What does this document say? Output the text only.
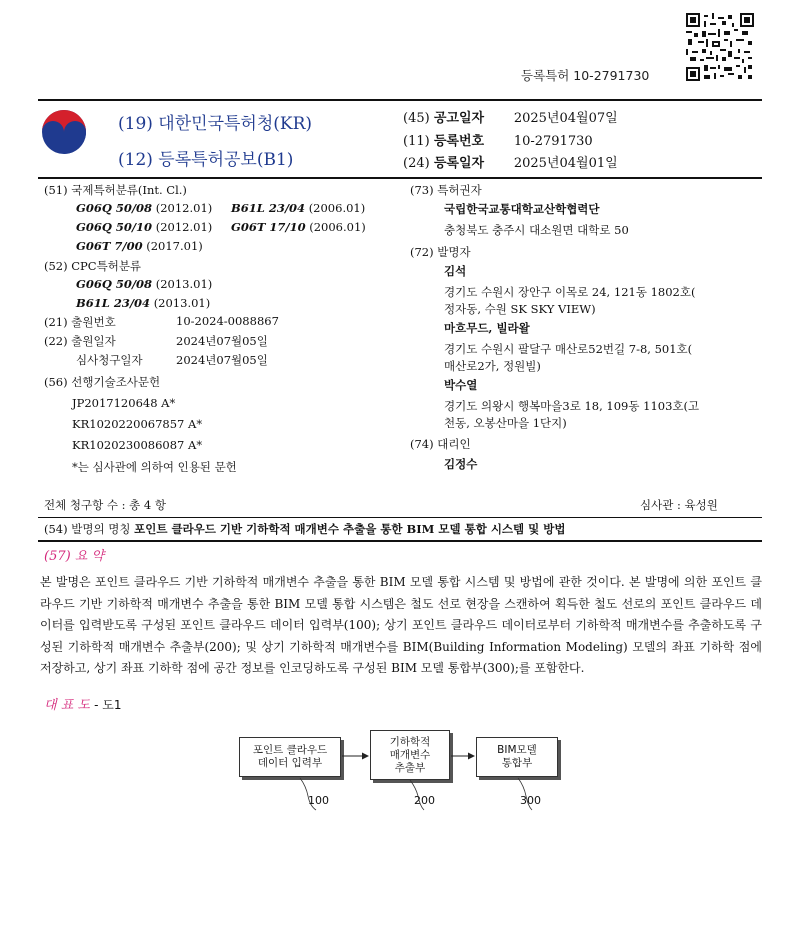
등록특허 10-2791730
(19) 대한민국특허청(KR)
(12) 등록특허공보(B1)
(45) 공고일자 2025년04월07일
(11) 등록번호 10-2791730
(24) 등록일자 2025년04월01일
(51) 국제특허분류(Int. Cl.)
G06Q 50/08 (2012.01) B61L 23/04 (2006.01)
G06Q 50/10 (2012.01) G06T 17/10 (2006.01)
G06T 7/00 (2017.01)
(52) CPC특허분류
G06Q 50/08 (2013.01)
B61L 23/04 (2013.01)
(21) 출원번호	10-2024-0088867
(22) 출원일자	2024년07월05일
심사청구일자	2024년07월05일
(56) 선행기술조사문헌
JP2017120648 A*
KR1020220067857 A*
KR1020230086087 A*
*는 심사관에 의하여 인용된 문헌
(73) 특허권자
국립한국교통대학교산학협력단
충청북도 충주시 대소원면 대학로 50
(72) 발명자
김석
경기도 수원시 장안구 이목로 24, 121동 1802호(
정자동, 수원 SK SKY VIEW)
마흐무드, 빌라왈
경기도 수원시 팔달구 매산로52번길 7-8, 501호(
매산로2가, 정원빌)
박수열
경기도 의왕시 행복마을3로 18, 109동 1103호(고
천동, 오봉산마을 1단지)
(74) 대리인
김정수
전체 청구항 수 : 총 4 항	심사관 : 육성원
(54) 발명의 명칭 포인트 클라우드 기반 기하학적 매개변수 추출을 통한 BIM 모델 통합 시스템 및 방법
(57) 요 약
본 발명은 포인트 클라우드 기반 기하학적 매개변수 추출을 통한 BIM 모델 통합 시스템 및 방법에 관한 것이다. 본 발명에 의한 포인트 클라우드 기반 기하학적 매개변수 추출을 통한 BIM 모델 통합 시스템은 철도 선로 현장을 스캔하여 획득한 철도 선로의 포인트 클라우드 데이터를 입력받도록 구성된 포인트 클라우드 데이터 입력부(100); 상기 포인트 클라우드 데이터로부터 기하학적 매개변수를 추출하도록 구성된 기하학적 매개변수 추출부(200); 및 상기 기하학적 매개변수를 BIM(Building Information Modeling) 모델의 좌표 기하학 점에 저장하고, 상기 좌표 기하학 점에 공간 정보를 인코딩하도록 구성된 BIM 모델 통합부(300);를 포함한다.
대 표 도 - 도1
포인트 클라우드
데이터 입력부
기하학적
매개변수
추출부
BIM모델
통합부
100	200	300
